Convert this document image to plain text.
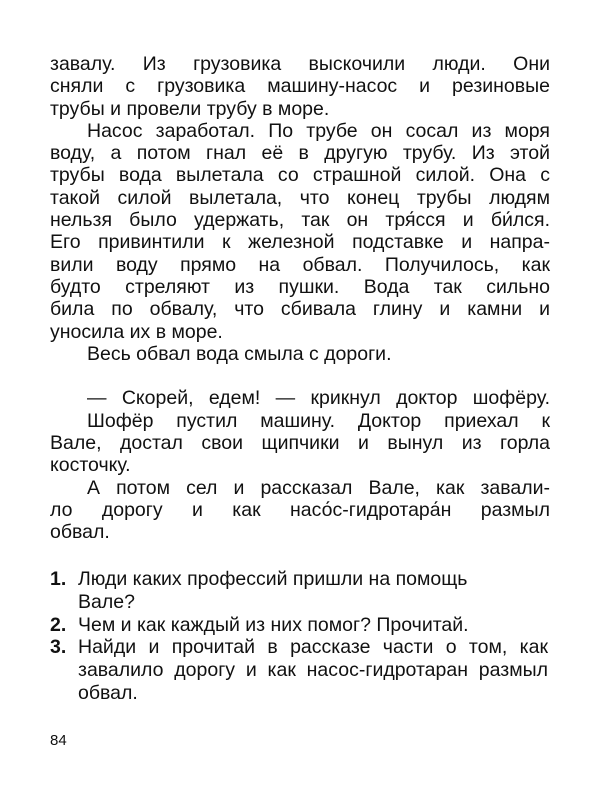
завалу. Из грузовика выскочили люди. Они
сняли с грузовика машину-насос и резиновые
трубы и провели трубу в море.
Насос заработал. По трубе он сосал из моря
воду, а потом гнал её в другую трубу. Из этой
трубы вода вылетала со страшной силой. Она с
такой силой вылетала, что конец трубы людям
нельзя было удержать, так он тря́сся и би́лся.
Его привинтили к железной подставке и напра-
вили воду прямо на обвал. Получилось, как
будто стреляют из пушки. Вода так сильно
била по обвалу, что сбивала глину и камни и
уносила их в море.
Весь обвал вода смыла с дороги.
— Скорей, едем! — крикнул доктор шофёру.
Шофёр пустил машину. Доктор приехал к
Вале, достал свои щипчики и вынул из горла
косточку.
А потом сел и рассказал Вале, как завали-
ло дорогу и как насо́с-гидротара́н размыл
обвал.
1. Люди каких профессий пришли на помощь Вале?
2. Чем и как каждый из них помог? Прочитай.
3. Найди и прочитай в рассказе части о том, как завалило дорогу и как насос-гидротаран размыл обвал.
84
